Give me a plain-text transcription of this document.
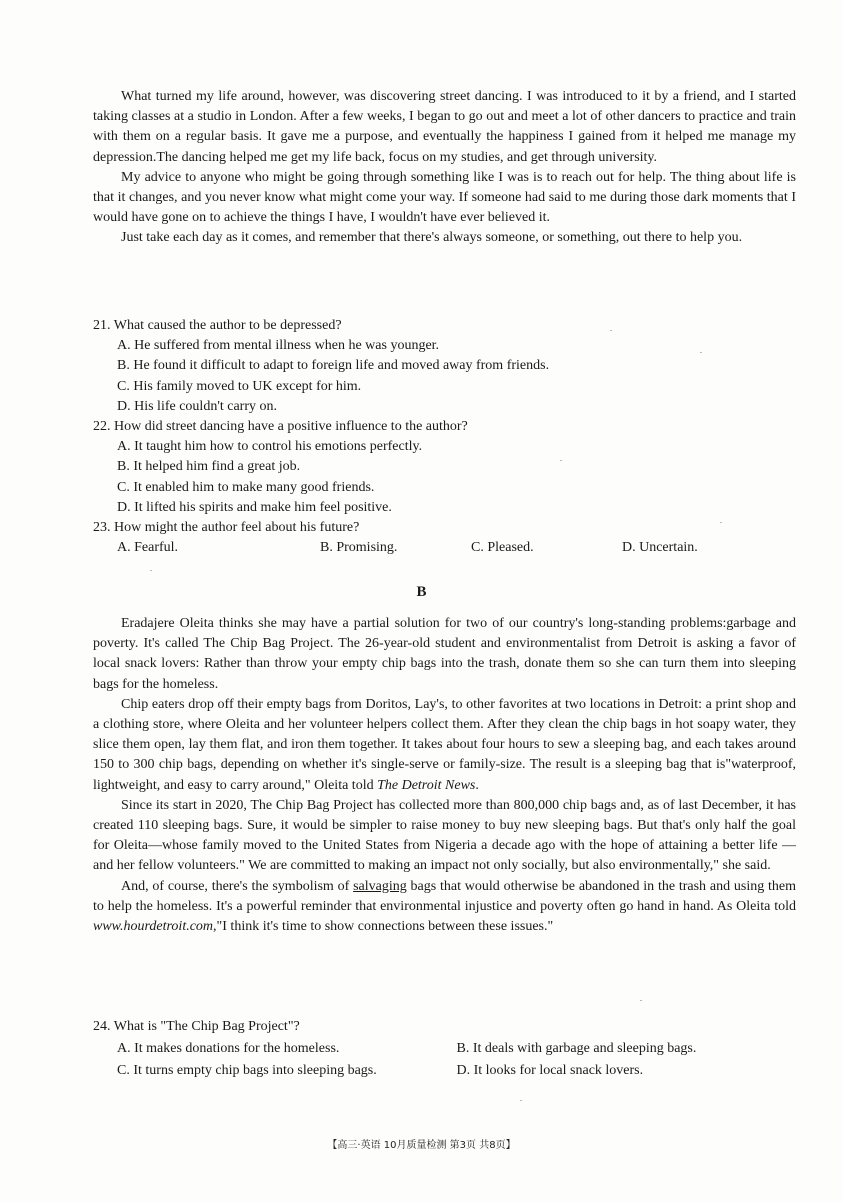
What turned my life around, however, was discovering street dancing. I was introduced to it by a friend, and I started taking classes at a studio in London. After a few weeks, I began to go out and meet a lot of other dancers to practice and train with them on a regular basis. It gave me a purpose, and eventually the happiness I gained from it helped me manage my depression.The dancing helped me get my life back, focus on my studies, and get through university.

My advice to anyone who might be going through something like I was is to reach out for help. The thing about life is that it changes, and you never know what might come your way. If someone had said to me during those dark moments that I would have gone on to achieve the things I have, I wouldn't have ever believed it.

Just take each day as it comes, and remember that there's always someone, or something, out there to help you.

21. What caused the author to be depressed?

A. He suffered from mental illness when he was younger.

B. He found it difficult to adapt to foreign life and moved away from friends.

C. His family moved to UK except for him.

D. His life couldn't carry on.

22. How did street dancing have a positive influence to the author?

A. It taught him how to control his emotions perfectly.

B. It helped him find a great job.

C. It enabled him to make many good friends.

D. It lifted his spirits and make him feel positive.

23. How might the author feel about his future?

A. Fearful.	B. Promising.	C. Pleased.	D. Uncertain.
B

Eradajere Oleita thinks she may have a partial solution for two of our country's long-standing problems:garbage and poverty. It's called The Chip Bag Project. The 26-year-old student and environmentalist from Detroit is asking a favor of local snack lovers: Rather than throw your empty chip bags into the trash, donate them so she can turn them into sleeping bags for the homeless.

Chip eaters drop off their empty bags from Doritos, Lay's, to other favorites at two locations in Detroit: a print shop and a clothing store, where Oleita and her volunteer helpers collect them. After they clean the chip bags in hot soapy water, they slice them open, lay them flat, and iron them together. It takes about four hours to sew a sleeping bag, and each takes around 150 to 300 chip bags, depending on whether it's single-serve or family-size. The result is a sleeping bag that is"waterproof, lightweight, and easy to carry around," Oleita told The Detroit News.

Since its start in 2020, The Chip Bag Project has collected more than 800,000 chip bags and, as of last December, it has created 110 sleeping bags. Sure, it would be simpler to raise money to buy new sleeping bags. But that's only half the goal for Oleita—whose family moved to the United States from Nigeria a decade ago with the hope of attaining a better life —and her fellow volunteers." We are committed to making an impact not only socially, but also environmentally," she said.

And, of course, there's the symbolism of salvaging bags that would otherwise be abandoned in the trash and using them to help the homeless. It's a powerful reminder that environmental injustice and poverty often go hand in hand. As Oleita told www.hourdetroit.com,"I think it's time to show connections between these issues."

24. What is "The Chip Bag Project"?

A. It makes donations for the homeless.	B. It deals with garbage and sleeping bags.
C. It turns empty chip bags into sleeping bags.	D. It looks for local snack lovers.
【高三·英语 10月质量检测 第3页 共8页】
